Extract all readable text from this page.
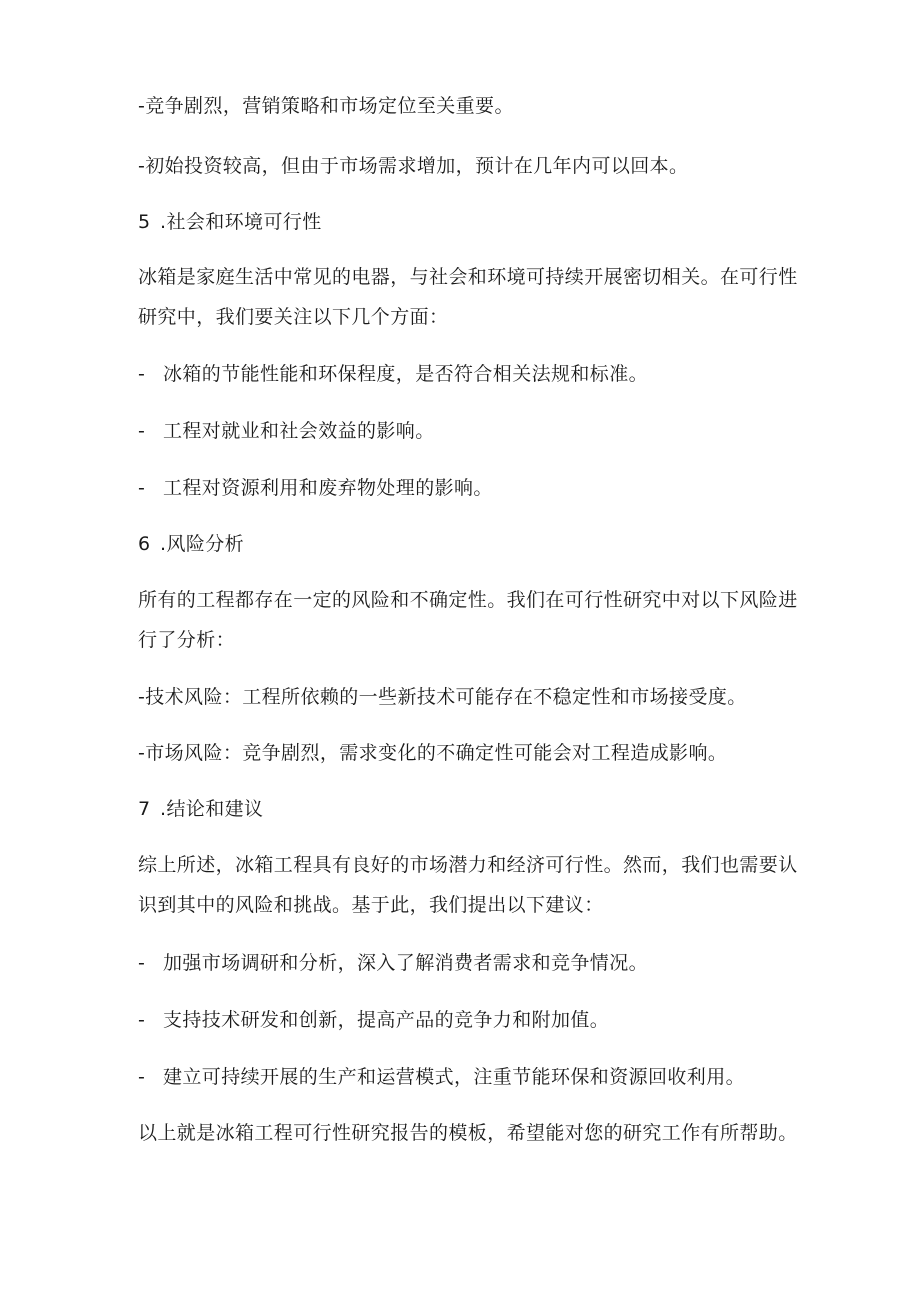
-竞争剧烈，营销策略和市场定位至关重要。
-初始投资较高，但由于市场需求增加，预计在几年内可以回本。
5 .社会和环境可行性
冰箱是家庭生活中常见的电器，与社会和环境可持续开展密切相关。在可行性
研究中，我们要关注以下几个方面：
- 冰箱的节能性能和环保程度，是否符合相关法规和标准。
- 工程对就业和社会效益的影响。
- 工程对资源利用和废弃物处理的影响。
6 .风险分析
所有的工程都存在一定的风险和不确定性。我们在可行性研究中对以下风险进
行了分析：
-技术风险：工程所依赖的一些新技术可能存在不稳定性和市场接受度。
-市场风险：竞争剧烈，需求变化的不确定性可能会对工程造成影响。
7 .结论和建议
综上所述，冰箱工程具有良好的市场潜力和经济可行性。然而，我们也需要认
识到其中的风险和挑战。基于此，我们提出以下建议：
- 加强市场调研和分析，深入了解消费者需求和竞争情况。
- 支持技术研发和创新，提高产品的竞争力和附加值。
- 建立可持续开展的生产和运营模式，注重节能环保和资源回收利用。
以上就是冰箱工程可行性研究报告的模板，希望能对您的研究工作有所帮助。
